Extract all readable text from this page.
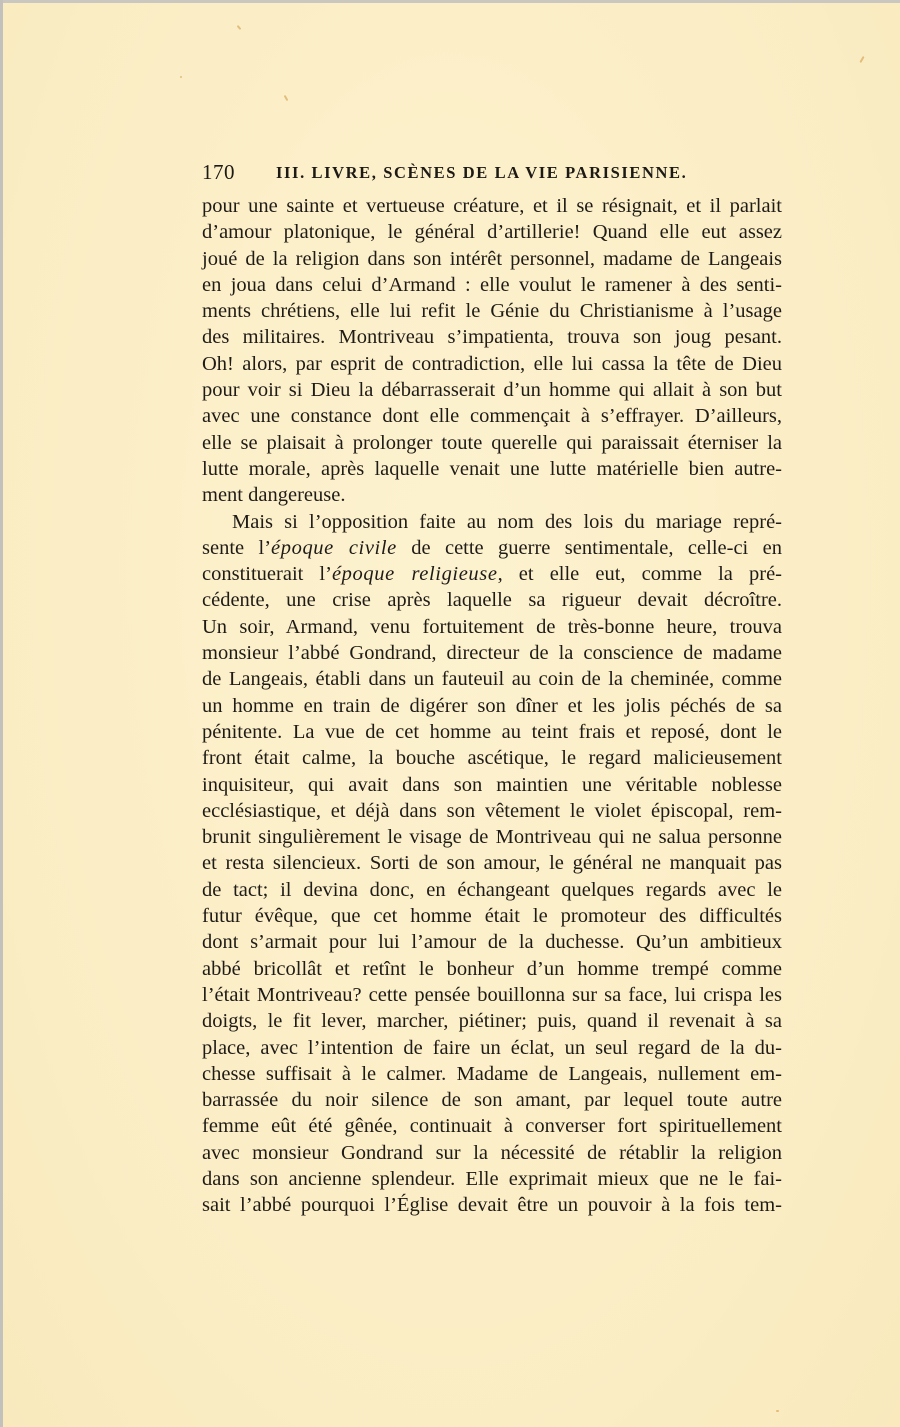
170 III. LIVRE, SCÈNES DE LA VIE PARISIENNE.
pour une sainte et vertueuse créature, et il se résignait, et il parlait
d’amour platonique, le général d’artillerie! Quand elle eut assez
joué de la religion dans son intérêt personnel, madame de Langeais
en joua dans celui d’Armand : elle voulut le ramener à des senti-
ments chrétiens, elle lui refit le Génie du Christianisme à l’usage
des militaires. Montriveau s’impatienta, trouva son joug pesant.
Oh! alors, par esprit de contradiction, elle lui cassa la tête de Dieu
pour voir si Dieu la débarrasserait d’un homme qui allait à son but
avec une constance dont elle commençait à s’effrayer. D’ailleurs,
elle se plaisait à prolonger toute querelle qui paraissait éterniser la
lutte morale, après laquelle venait une lutte matérielle bien autre-
ment dangereuse.
Mais si l’opposition faite au nom des lois du mariage repré-
sente l’époque civile de cette guerre sentimentale, celle-ci en
constituerait l’époque religieuse, et elle eut, comme la pré-
cédente, une crise après laquelle sa rigueur devait décroître.
Un soir, Armand, venu fortuitement de très-bonne heure, trouva
monsieur l’abbé Gondrand, directeur de la conscience de madame
de Langeais, établi dans un fauteuil au coin de la cheminée, comme
un homme en train de digérer son dîner et les jolis péchés de sa
pénitente. La vue de cet homme au teint frais et reposé, dont le
front était calme, la bouche ascétique, le regard malicieusement
inquisiteur, qui avait dans son maintien une véritable noblesse
ecclésiastique, et déjà dans son vêtement le violet épiscopal, rem-
brunit singulièrement le visage de Montriveau qui ne salua personne
et resta silencieux. Sorti de son amour, le général ne manquait pas
de tact; il devina donc, en échangeant quelques regards avec le
futur évêque, que cet homme était le promoteur des difficultés
dont s’armait pour lui l’amour de la duchesse. Qu’un ambitieux
abbé bricollât et retînt le bonheur d’un homme trempé comme
l’était Montriveau? cette pensée bouillonna sur sa face, lui crispa les
doigts, le fit lever, marcher, piétiner; puis, quand il revenait à sa
place, avec l’intention de faire un éclat, un seul regard de la du-
chesse suffisait à le calmer. Madame de Langeais, nullement em-
barrassée du noir silence de son amant, par lequel toute autre
femme eût été gênée, continuait à converser fort spirituellement
avec monsieur Gondrand sur la nécessité de rétablir la religion
dans son ancienne splendeur. Elle exprimait mieux que ne le fai-
sait l’abbé pourquoi l’Église devait être un pouvoir à la fois tem-
